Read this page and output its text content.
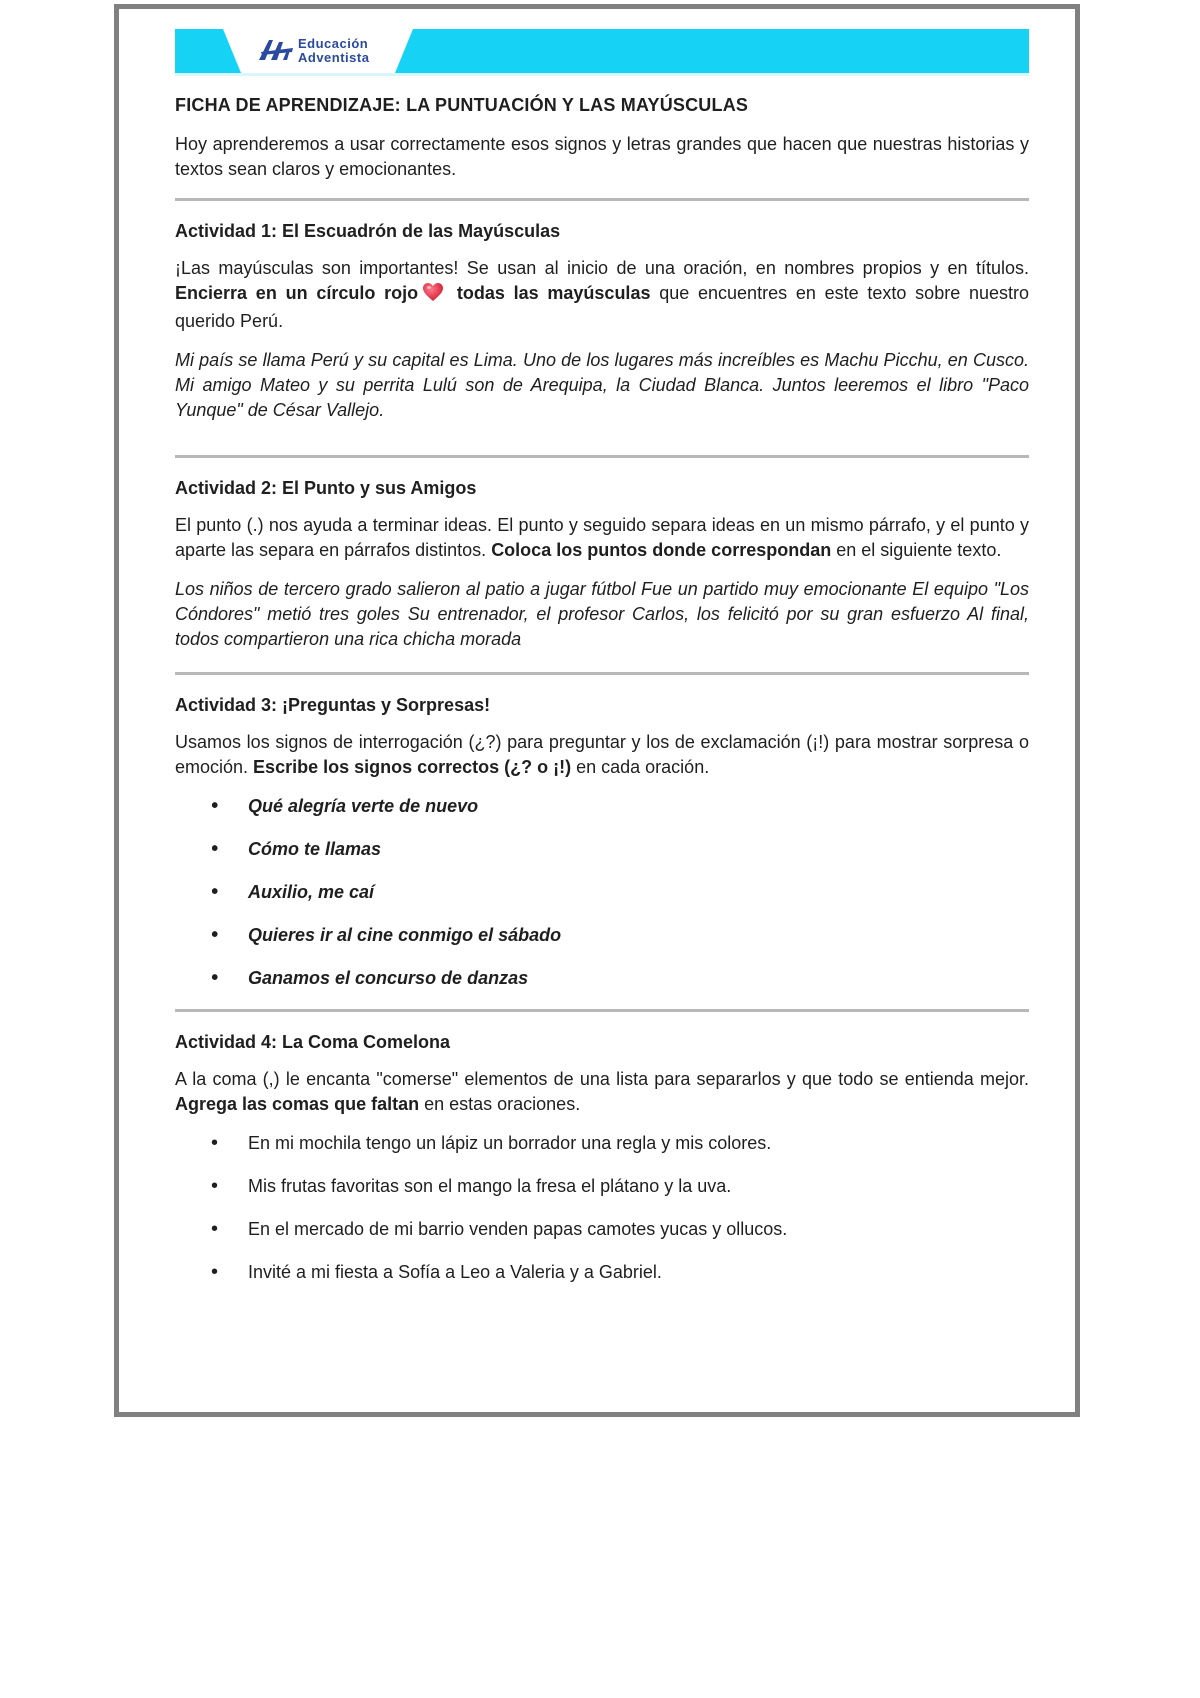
Educación
Adventista
FICHA DE APRENDIZAJE: LA PUNTUACIÓN Y LAS MAYÚSCULAS

Hoy aprenderemos a usar correctamente esos signos y letras grandes que hacen que nuestras historias y textos sean claros y emocionantes.

Actividad 1: El Escuadrón de las Mayúsculas

¡Las mayúsculas son importantes! Se usan al inicio de una oración, en nombres propios y en títulos. Encierra en un círculo rojo todas las mayúsculas que encuentres en este texto sobre nuestro querido Perú.

Mi país se llama Perú y su capital es Lima. Uno de los lugares más increíbles es Machu Picchu, en Cusco. Mi amigo Mateo y su perrita Lulú son de Arequipa, la Ciudad Blanca. Juntos leeremos el libro "Paco Yunque" de César Vallejo.

Actividad 2: El Punto y sus Amigos

El punto (.) nos ayuda a terminar ideas. El punto y seguido separa ideas en un mismo párrafo, y el punto y aparte las separa en párrafos distintos. Coloca los puntos donde correspondan en el siguiente texto.

Los niños de tercero grado salieron al patio a jugar fútbol Fue un partido muy emocionante El equipo "Los Cóndores" metió tres goles Su entrenador, el profesor Carlos, los felicitó por su gran esfuerzo Al final, todos compartieron una rica chicha morada

Actividad 3: ¡Preguntas y Sorpresas!

Usamos los signos de interrogación (¿?) para preguntar y los de exclamación (¡!) para mostrar sorpresa o emoción. Escribe los signos correctos (¿? o ¡!) en cada oración.

• Qué alegría verte de nuevo
• Cómo te llamas
• Auxilio, me caí
• Quieres ir al cine conmigo el sábado
• Ganamos el concurso de danzas
Actividad 4: La Coma Comelona

A la coma (,) le encanta "comerse" elementos de una lista para separarlos y que todo se entienda mejor. Agrega las comas que faltan en estas oraciones.

• En mi mochila tengo un lápiz un borrador una regla y mis colores.
• Mis frutas favoritas son el mango la fresa el plátano y la uva.
• En el mercado de mi barrio venden papas camotes yucas y ollucos.
• Invité a mi fiesta a Sofía a Leo a Valeria y a Gabriel.
